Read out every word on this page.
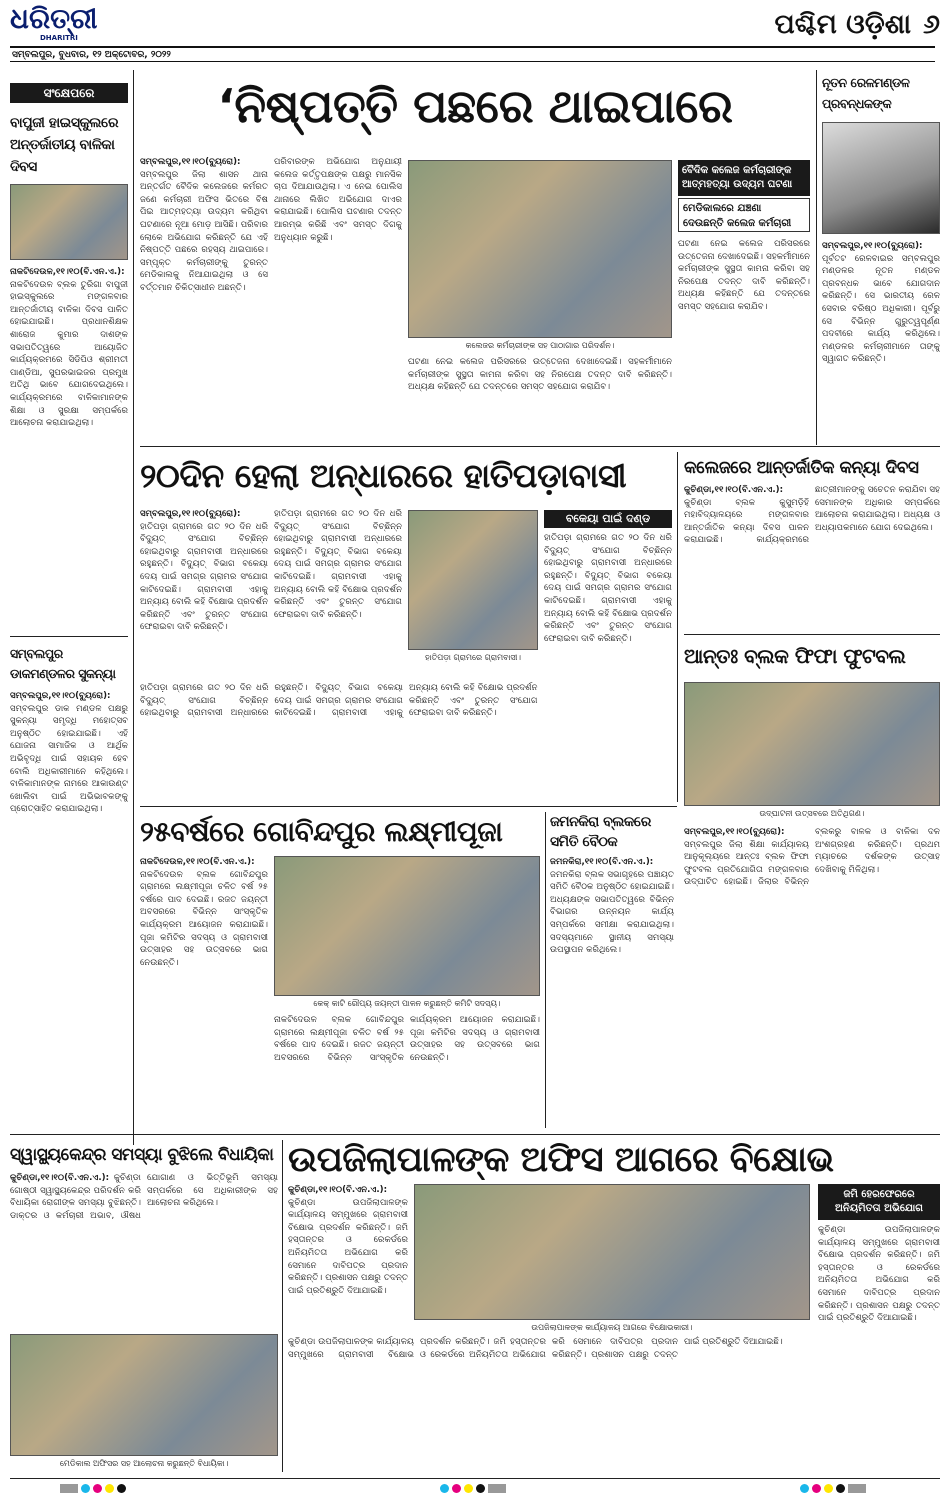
ଧରିତ୍ରୀ
DHARITRI	ପଶ୍ଚିମ ଓଡ଼ିଶା ୬
ସମ୍ବଲପୁର, ବୁଧବାର, ୧୨ ଅକ୍ଟୋବର, ୨୦୨୨
ସଂକ୍ଷେପରେ
ବାପୁଜୀ ହାଇସ୍କୁଲରେ ଅନ୍ତର୍ଜାତୀୟ ବାଳିକା ଦିବସ
ନାକଟିଦେଉଳ,୧୧।୧୦(ବି.ଏନ.ଏ.): ନାକଟିଦେଉଳ ବ୍ଲକ ତୁରିଗା ବାପୁଜୀ ହାଇସ୍କୁଲରେ ମଙ୍ଗଳବାର ଆନ୍ତର୍ଜାତୀୟ ବାଳିକା ଦିବସ ପାଳିତ ହୋଇଯାଇଛି। ପ୍ରଧାନଶିକ୍ଷକ ଶାରୋଜ କୁମାର ଦାଶଙ୍କ ସଭାପତିତ୍ୱରେ ଆୟୋଜିତ କାର୍ଯ୍ୟକ୍ରମରେ ସିଡିପିଓ ଶ୍ରୀମତୀ ପାଣ୍ଡିଆ, ସୁପରଭାଇଜର ପ୍ରମୁଖ ଅତିଥି ଭାବେ ଯୋଗଦେଇଥିଲେ। କାର୍ଯ୍ୟକ୍ରମରେ ବାଳିକାମାନଙ୍କ ଶିକ୍ଷା ଓ ସୁରକ୍ଷା ସମ୍ପର୍କରେ ଆଲୋଚନା କରାଯାଇଥିଲା।
ସମ୍ବଲପୁର ଡାକମଣ୍ଡଳର ସୁକନ୍ୟା
ସମ୍ବଲପୁର,୧୧।୧୦(ବ୍ୟୁରୋ): ସମ୍ବଲପୁର ଡାକ ମଣ୍ଡଳ ପକ୍ଷରୁ ସୁକନ୍ୟା ସମୃଦ୍ଧି ମହୋତ୍ସବ ଅନୁଷ୍ଠିତ ହୋଇଯାଇଛି। ଏହି ଯୋଜନା ସାମାଜିକ ଓ ଆର୍ଥିକ ଅଭିବୃଦ୍ଧି ପାଇଁ ସହାୟକ ହେବ ବୋଲି ଅଧିକାରୀମାନେ କହିଥିଲେ। ବାଳିକାମାନଙ୍କ ନାମରେ ଆକାଉଣ୍ଟ ଖୋଲିବା ପାଇଁ ଅଭିଭାବକଙ୍କୁ ପ୍ରୋତ୍ସାହିତ କରାଯାଇଥିଲା।
‘ନିଷ୍ପତ୍ତି ପଛରେ ଥାଇପାରେ
ସମ୍ବଲପୁର,୧୧।୧୦(ବ୍ୟୁରୋ): ସମ୍ବଲପୁର ଜିଲା ଶାସନ ଥାନା ଅନ୍ତର୍ଗତ ବୈଦିକ କଲେଜରେ କର୍ମରତ ଜଣେ କର୍ମଚାରୀ ଅଫିସ ଭିତରେ ବିଷ ପିଇ ଆତ୍ମହତ୍ୟା ଉଦ୍ୟମ କରିଥିବା ଘଟଣାରେ ନୂଆ ମୋଡ଼ ଆସିଛି। ପରିବାର ଲୋକେ ଅଭିଯୋଗ କରିଛନ୍ତି ଯେ ଏହି ନିଷ୍ପତ୍ତି ପଛରେ ରହସ୍ୟ ଥାଇପାରେ। ସମ୍ପୃକ୍ତ କର୍ମଚାରୀଙ୍କୁ ତୁରନ୍ତ ମେଡିକାଲକୁ ନିଆଯାଇଥିଲା ଓ ସେ ବର୍ତ୍ତମାନ ଚିକିତ୍ସାଧୀନ ଅଛନ୍ତି।
ପରିବାରଙ୍କ ଅଭିଯୋଗ ଅନୁଯାୟୀ କଲେଜ କର୍ତ୍ତୃପକ୍ଷଙ୍କ ପକ୍ଷରୁ ମାନସିକ ଚାପ ଦିଆଯାଉଥିଲା। ଏ ନେଇ ପୋଲିସ ଥାନାରେ ଲିଖିତ ଅଭିଯୋଗ ଦାଏର କରାଯାଇଛି। ପୋଲିସ ଘଟଣାର ତଦନ୍ତ ଆରମ୍ଭ କରିଛି ଏବଂ ସମସ୍ତ ଦିଗକୁ ଅନୁଧ୍ୟାନ କରୁଛି।
କଲେଜର କର୍ମଚାରୀଙ୍କ ସହ ପାଠାଗାର ପରିଦର୍ଶନ।
ଘଟଣା ନେଇ କଲେଜ ପରିସରରେ ଉତ୍ତେଜନା ଦେଖାଦେଇଛି। ସହକର୍ମୀମାନେ କର୍ମଚାରୀଙ୍କ ସୁସ୍ଥତା କାମନା କରିବା ସହ ନିରପେକ୍ଷ ତଦନ୍ତ ଦାବି କରିଛନ୍ତି। ଅଧ୍ୟକ୍ଷ କହିଛନ୍ତି ଯେ ତଦନ୍ତରେ ସମସ୍ତ ସହଯୋଗ କରାଯିବ।
ବୈଦିକ କଲେଜ କର୍ମଚାରୀଙ୍କ ଆତ୍ମହତ୍ୟା ଉଦ୍ୟମ ଘଟଣା
ମେଡିକାଲରେ ଯଞ୍ଚଣା ଦେଉଛନ୍ତି କଲେଜ କର୍ମଚାରୀ
ଘଟଣା ନେଇ କଲେଜ ପରିସରରେ ଉତ୍ତେଜନା ଦେଖାଦେଇଛି। ସହକର୍ମୀମାନେ କର୍ମଚାରୀଙ୍କ ସୁସ୍ଥତା କାମନା କରିବା ସହ ନିରପେକ୍ଷ ତଦନ୍ତ ଦାବି କରିଛନ୍ତି। ଅଧ୍ୟକ୍ଷ କହିଛନ୍ତି ଯେ ତଦନ୍ତରେ ସମସ୍ତ ସହଯୋଗ କରାଯିବ।
ନୂତନ ରେଳମଣ୍ଡଳ ପ୍ରବନ୍ଧକଙ୍କ
ସମ୍ବଲପୁର,୧୧।୧୦(ବ୍ୟୁରୋ): ପୂର୍ବତଟ ରେଳବାଇର ସମ୍ବଲପୁର ମଣ୍ଡଳର ନୂତନ ମଣ୍ଡଳ ପ୍ରବନ୍ଧକ ଭାବେ ଯୋଗଦାନ କରିଛନ୍ତି। ସେ ଭାରତୀୟ ରେଳ ସେବାର ବରିଷ୍ଠ ଅଧିକାରୀ। ପୂର୍ବରୁ ସେ ବିଭିନ୍ନ ଗୁରୁତ୍ୱପୂର୍ଣ୍ଣ ପଦବୀରେ କାର୍ଯ୍ୟ କରିଥିଲେ। ମଣ୍ଡଳର କର୍ମଚାରୀମାନେ ତାଙ୍କୁ ସ୍ୱାଗତ କରିଛନ୍ତି।
୨୦ଦିନ ହେଲା ଅନ୍ଧାରରେ ହାତିପଡ଼ାବାସୀ
ସମ୍ବଲପୁର,୧୧।୧୦(ବ୍ୟୁରୋ): ହାତିପଡ଼ା ଗ୍ରାମରେ ଗତ ୨୦ ଦିନ ଧରି ବିଦ୍ୟୁତ୍ ସଂଯୋଗ ବିଚ୍ଛିନ୍ନ ହୋଇଥିବାରୁ ଗ୍ରାମବାସୀ ଅନ୍ଧାରରେ ରହୁଛନ୍ତି। ବିଦ୍ୟୁତ୍ ବିଭାଗ ବକେୟା ଦେୟ ପାଇଁ ସମଗ୍ର ଗ୍ରାମର ସଂଯୋଗ କାଟିଦେଇଛି। ଗ୍ରାମବାସୀ ଏହାକୁ ଅନ୍ୟାୟ ବୋଲି କହି ବିକ୍ଷୋଭ ପ୍ରଦର୍ଶନ କରିଛନ୍ତି ଏବଂ ତୁରନ୍ତ ସଂଯୋଗ ଫେରାଇବା ଦାବି କରିଛନ୍ତି।
ହାତିପଡ଼ା ଗ୍ରାମରେ ଗତ ୨୦ ଦିନ ଧରି ବିଦ୍ୟୁତ୍ ସଂଯୋଗ ବିଚ୍ଛିନ୍ନ ହୋଇଥିବାରୁ ଗ୍ରାମବାସୀ ଅନ୍ଧାରରେ ରହୁଛନ୍ତି। ବିଦ୍ୟୁତ୍ ବିଭାଗ ବକେୟା ଦେୟ ପାଇଁ ସମଗ୍ର ଗ୍ରାମର ସଂଯୋଗ କାଟିଦେଇଛି। ଗ୍ରାମବାସୀ ଏହାକୁ ଅନ୍ୟାୟ ବୋଲି କହି ବିକ୍ଷୋଭ ପ୍ରଦର୍ଶନ କରିଛନ୍ତି ଏବଂ ତୁରନ୍ତ ସଂଯୋଗ ଫେରାଇବା ଦାବି କରିଛନ୍ତି।
ହାତିପଡ଼ା ଗ୍ରାମରେ ଗ୍ରାମବାସୀ।
ବକେୟା ପାଇଁ ଦଣ୍ଡ
ହାତିପଡ଼ା ଗ୍ରାମରେ ଗତ ୨୦ ଦିନ ଧରି ବିଦ୍ୟୁତ୍ ସଂଯୋଗ ବିଚ୍ଛିନ୍ନ ହୋଇଥିବାରୁ ଗ୍ରାମବାସୀ ଅନ୍ଧାରରେ ରହୁଛନ୍ତି। ବିଦ୍ୟୁତ୍ ବିଭାଗ ବକେୟା ଦେୟ ପାଇଁ ସମଗ୍ର ଗ୍ରାମର ସଂଯୋଗ କାଟିଦେଇଛି। ଗ୍ରାମବାସୀ ଏହାକୁ ଅନ୍ୟାୟ ବୋଲି କହି ବିକ୍ଷୋଭ ପ୍ରଦର୍ଶନ କରିଛନ୍ତି ଏବଂ ତୁରନ୍ତ ସଂଯୋଗ ଫେରାଇବା ଦାବି କରିଛନ୍ତି।
ହାତିପଡ଼ା ଗ୍ରାମରେ ଗତ ୨୦ ଦିନ ଧରି ବିଦ୍ୟୁତ୍ ସଂଯୋଗ ବିଚ୍ଛିନ୍ନ ହୋଇଥିବାରୁ ଗ୍ରାମବାସୀ ଅନ୍ଧାରରେ ରହୁଛନ୍ତି। ବିଦ୍ୟୁତ୍ ବିଭାଗ ବକେୟା ଦେୟ ପାଇଁ ସମଗ୍ର ଗ୍ରାମର ସଂଯୋଗ କାଟିଦେଇଛି। ଗ୍ରାମବାସୀ ଏହାକୁ ଅନ୍ୟାୟ ବୋଲି କହି ବିକ୍ଷୋଭ ପ୍ରଦର୍ଶନ କରିଛନ୍ତି ଏବଂ ତୁରନ୍ତ ସଂଯୋଗ ଫେରାଇବା ଦାବି କରିଛନ୍ତି।
କଲେଜରେ ଆନ୍ତର୍ଜାତିକ କନ୍ୟା ଦିବସ
କୁଚିଣ୍ଡା,୧୧।୧୦(ବି.ଏନ.ଏ.): କୁଚିଣ୍ଡା ବ୍ଲକ କୁସୁମଡ଼ିହି ମହାବିଦ୍ୟାଳୟରେ ମଙ୍ଗଳବାର ଆନ୍ତର୍ଜାତିକ କନ୍ୟା ଦିବସ ପାଳନ କରାଯାଇଛି। କାର୍ଯ୍ୟକ୍ରମରେ ଛାତ୍ରୀମାନଙ୍କୁ ସଚେତନ କରାଯିବା ସହ ସେମାନଙ୍କ ଅଧିକାର ସମ୍ପର୍କରେ ଆଲୋଚନା କରାଯାଇଥିଲା। ଅଧ୍ୟକ୍ଷ ଓ ଅଧ୍ୟାପକମାନେ ଯୋଗ ଦେଇଥିଲେ।
ଆନ୍ତଃ ବ୍ଲକ ଫିଫା ଫୁଟବଲ
ଉଦ୍‌ଘାଟନୀ ଉତ୍ସବରେ ଅତିଥିଗଣ।
ସମ୍ବଲପୁର,୧୧।୧୦(ବ୍ୟୁରୋ): ସମ୍ବଲପୁର ଜିଲା ଶିକ୍ଷା କାର୍ଯ୍ୟାଳୟ ଆନୁକୂଲ୍ୟରେ ଆନ୍ତଃ ବ୍ଲକ ଫିଫା ଫୁଟବଲ ପ୍ରତିଯୋଗିତା ମଙ୍ଗଳବାର ଉଦ୍‌ଘାଟିତ ହୋଇଛି। ଜିଲାର ବିଭିନ୍ନ ବ୍ଲକରୁ ବାଳକ ଓ ବାଳିକା ଦଳ ଅଂଶଗ୍ରହଣ କରିଛନ୍ତି। ପ୍ରଥମ ମ୍ୟାଚରେ ଦର୍ଶକଙ୍କ ଉତ୍ସାହ ଦେଖିବାକୁ ମିଳିଥିଲା।
୨୫ବର୍ଷରେ ଗୋବିନ୍ଦପୁର ଲକ୍ଷ୍ମୀପୂଜା
ନାକଟିଦେଉଳ,୧୧।୧୦(ବି.ଏନ.ଏ.): ନାକଟିଦେଉଳ ବ୍ଲକ ଗୋବିନ୍ଦପୁର ଗ୍ରାମରେ ଲକ୍ଷ୍ମୀପୂଜା ଚଳିତ ବର୍ଷ ୨୫ ବର୍ଷରେ ପାଦ ଦେଇଛି। ରଜତ ଜୟନ୍ତୀ ଅବସରରେ ବିଭିନ୍ନ ସାଂସ୍କୃତିକ କାର୍ଯ୍ୟକ୍ରମ ଆୟୋଜନ କରାଯାଇଛି। ପୂଜା କମିଟିର ସଦସ୍ୟ ଓ ଗ୍ରାମବାସୀ ଉତ୍ସାହର ସହ ଉତ୍ସବରେ ଭାଗ ନେଉଛନ୍ତି।
କେକ୍ କାଟି ରୌପ୍ୟ ଜୟନ୍ତୀ ପାଳନ କରୁଛନ୍ତି କମିଟି ସଦସ୍ୟ।
ନାକଟିଦେଉଳ ବ୍ଲକ ଗୋବିନ୍ଦପୁର ଗ୍ରାମରେ ଲକ୍ଷ୍ମୀପୂଜା ଚଳିତ ବର୍ଷ ୨୫ ବର୍ଷରେ ପାଦ ଦେଇଛି। ରଜତ ଜୟନ୍ତୀ ଅବସରରେ ବିଭିନ୍ନ ସାଂସ୍କୃତିକ କାର୍ଯ୍ୟକ୍ରମ ଆୟୋଜନ କରାଯାଇଛି। ପୂଜା କମିଟିର ସଦସ୍ୟ ଓ ଗ୍ରାମବାସୀ ଉତ୍ସାହର ସହ ଉତ୍ସବରେ ଭାଗ ନେଉଛନ୍ତି।
ଜମନକିରା ବ୍ଲକରେ ସମିତି ବୈଠକ
ଜମନକିରା,୧୧।୧୦(ବି.ଏନ.ଏ.): ଜମନକିରା ବ୍ଲକ ସଭାଗୃହରେ ପଞ୍ଚାୟତ ସମିତି ବୈଠକ ଅନୁଷ୍ଠିତ ହୋଇଯାଇଛି। ଅଧ୍ୟକ୍ଷଙ୍କ ସଭାପତିତ୍ୱରେ ବିଭିନ୍ନ ବିଭାଗର ଉନ୍ନୟନ କାର୍ଯ୍ୟ ସମ୍ପର୍କରେ ସମୀକ୍ଷା କରାଯାଇଥିଲା। ସଦସ୍ୟମାନେ ସ୍ଥାନୀୟ ସମସ୍ୟା ଉପସ୍ଥାପନ କରିଥିଲେ।
ସ୍ୱାସ୍ଥ୍ୟକେନ୍ଦ୍ର ସମସ୍ୟା ବୁଝିଲେ ବିଧାୟିକା
କୁଚିଣ୍ଡା,୧୧।୧୦(ବି.ଏନ.ଏ.): କୁଚିଣ୍ଡା ଗୋଷ୍ଠୀ ସ୍ୱାସ୍ଥ୍ୟକେନ୍ଦ୍ର ପରିଦର୍ଶନ କରି ବିଧାୟିକା ରୋଗୀଙ୍କ ସମସ୍ୟା ବୁଝିଛନ୍ତି। ଡାକ୍ତର ଓ କର୍ମଚାରୀ ଅଭାବ, ଔଷଧ ଯୋଗାଣ ଓ ଭିତ୍ତିଭୂମି ସମସ୍ୟା ସମ୍ପର୍କରେ ସେ ଅଧିକାରୀଙ୍କ ସହ ଆଲୋଚନା କରିଥିଲେ।
ମେଡିକାଲ ଅଫିସର ସହ ଆଲୋଚନା କରୁଛନ୍ତି ବିଧାୟିକା।
ଉପଜିଲାପାଳଙ୍କ ଅଫିସ ଆଗରେ ବିକ୍ଷୋଭ
କୁଚିଣ୍ଡା,୧୧।୧୦(ବି.ଏନ.ଏ.): କୁଚିଣ୍ଡା ଉପଜିଲାପାଳଙ୍କ କାର୍ଯ୍ୟାଳୟ ସମ୍ମୁଖରେ ଗ୍ରାମବାସୀ ବିକ୍ଷୋଭ ପ୍ରଦର୍ଶନ କରିଛନ୍ତି। ଜମି ହସ୍ତାନ୍ତର ଓ ରେକର୍ଡରେ ଅନିୟମିତତା ଅଭିଯୋଗ କରି ସେମାନେ ଦାବିପତ୍ର ପ୍ରଦାନ କରିଛନ୍ତି। ପ୍ରଶାସନ ପକ୍ଷରୁ ତଦନ୍ତ ପାଇଁ ପ୍ରତିଶ୍ରୁତି ଦିଆଯାଇଛି।
ଉପଜିଲାପାଳଙ୍କ କାର୍ଯ୍ୟାଳୟ ଆଗରେ ବିକ୍ଷୋଭକାରୀ।
କୁଚିଣ୍ଡା ଉପଜିଲାପାଳଙ୍କ କାର୍ଯ୍ୟାଳୟ ସମ୍ମୁଖରେ ଗ୍ରାମବାସୀ ବିକ୍ଷୋଭ ପ୍ରଦର୍ଶନ କରିଛନ୍ତି। ଜମି ହସ୍ତାନ୍ତର ଓ ରେକର୍ଡରେ ଅନିୟମିତତା ଅଭିଯୋଗ କରି ସେମାନେ ଦାବିପତ୍ର ପ୍ରଦାନ କରିଛନ୍ତି। ପ୍ରଶାସନ ପକ୍ଷରୁ ତଦନ୍ତ ପାଇଁ ପ୍ରତିଶ୍ରୁତି ଦିଆଯାଇଛି।
ଜମି ହେରଫେରରେ ଅନିୟମିତତା ଅଭିଯୋଗ
କୁଚିଣ୍ଡା ଉପଜିଲାପାଳଙ୍କ କାର୍ଯ୍ୟାଳୟ ସମ୍ମୁଖରେ ଗ୍ରାମବାସୀ ବିକ୍ଷୋଭ ପ୍ରଦର୍ଶନ କରିଛନ୍ତି। ଜମି ହସ୍ତାନ୍ତର ଓ ରେକର୍ଡରେ ଅନିୟମିତତା ଅଭିଯୋଗ କରି ସେମାନେ ଦାବିପତ୍ର ପ୍ରଦାନ କରିଛନ୍ତି। ପ୍ରଶାସନ ପକ୍ଷରୁ ତଦନ୍ତ ପାଇଁ ପ୍ରତିଶ୍ରୁତି ଦିଆଯାଇଛି।
